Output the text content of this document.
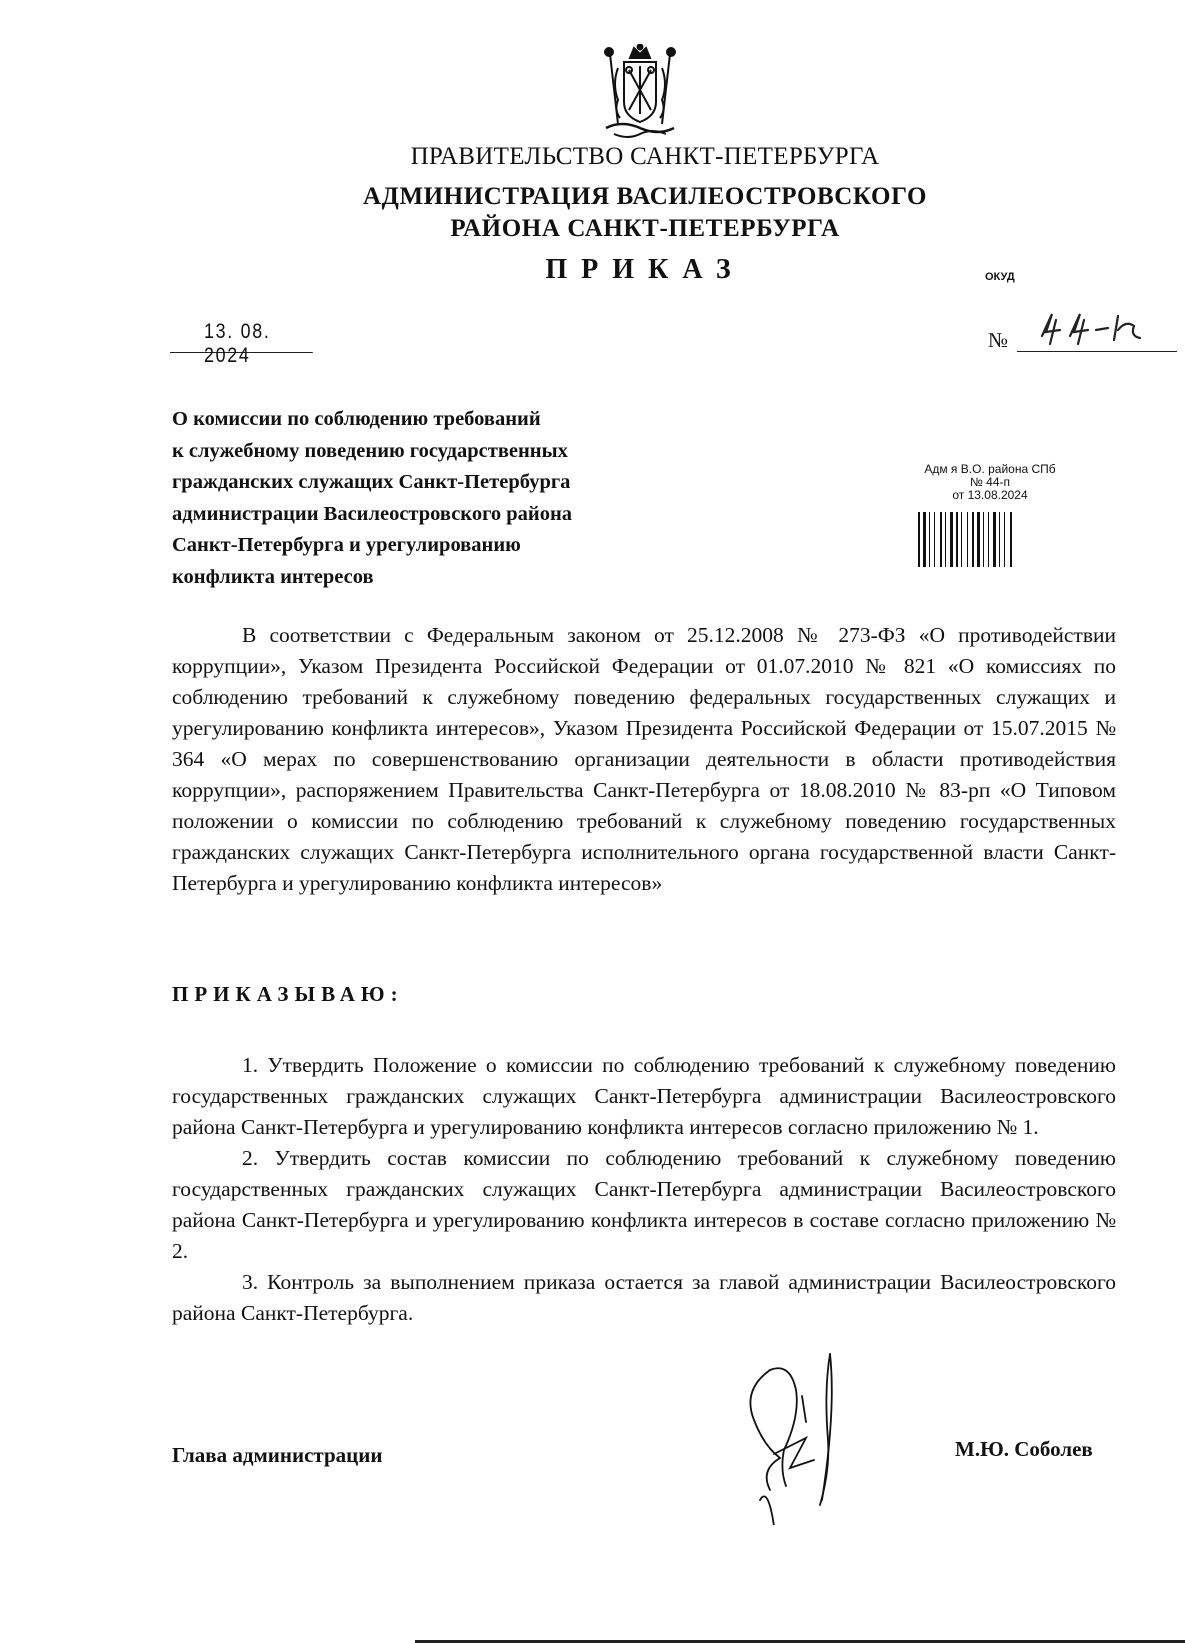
ПРАВИТЕЛЬСТВО САНКТ-ПЕТЕРБУРГА
АДМИНИСТРАЦИЯ ВАСИЛЕОСТРОВСКОГО
РАЙОНА САНКТ-ПЕТЕРБУРГА
ПРИКАЗ	ОКУД
13. 08. 2024
№
О комиссии по соблюдению требований
к служебному поведению государственных
гражданских служащих Санкт-Петербурга
администрации Василеостровского района
Санкт-Петербурга и урегулированию
конфликта интересов
Адм я В.О. района СПб
№ 44-п
от 13.08.2024
В соответствии с Федеральным законом от 25.12.2008 № 273-ФЗ «О противодействии коррупции», Указом Президента Российской Федерации от 01.07.2010 № 821 «О комиссиях по соблюдению требований к служебному поведению федеральных государственных служащих и урегулированию конфликта интересов», Указом Президента Российской Федерации от 15.07.2015 № 364 «О мерах по совершенствованию организации деятельности в области противодействия коррупции», распоряжением Правительства Санкт-Петербурга от 18.08.2010 № 83-рп «О Типовом положении о комиссии по соблюдению требований к служебному поведению государственных гражданских служащих Санкт-Петербурга исполнительного органа государственной власти Санкт-Петербурга и урегулированию конфликта интересов»
ПРИКАЗЫВАЮ:

1. Утвердить Положение о комиссии по соблюдению требований к служебному поведению государственных гражданских служащих Санкт-Петербурга администрации Василеостровского района Санкт-Петербурга и урегулированию конфликта интересов согласно приложению № 1.

2. Утвердить состав комиссии по соблюдению требований к служебному поведению государственных гражданских служащих Санкт-Петербурга администрации Василеостровского района Санкт-Петербурга и урегулированию конфликта интересов в составе согласно приложению № 2.

3. Контроль за выполнением приказа остается за главой администрации Василеостровского района Санкт-Петербурга.

Глава администрации	М.Ю. Соболев
